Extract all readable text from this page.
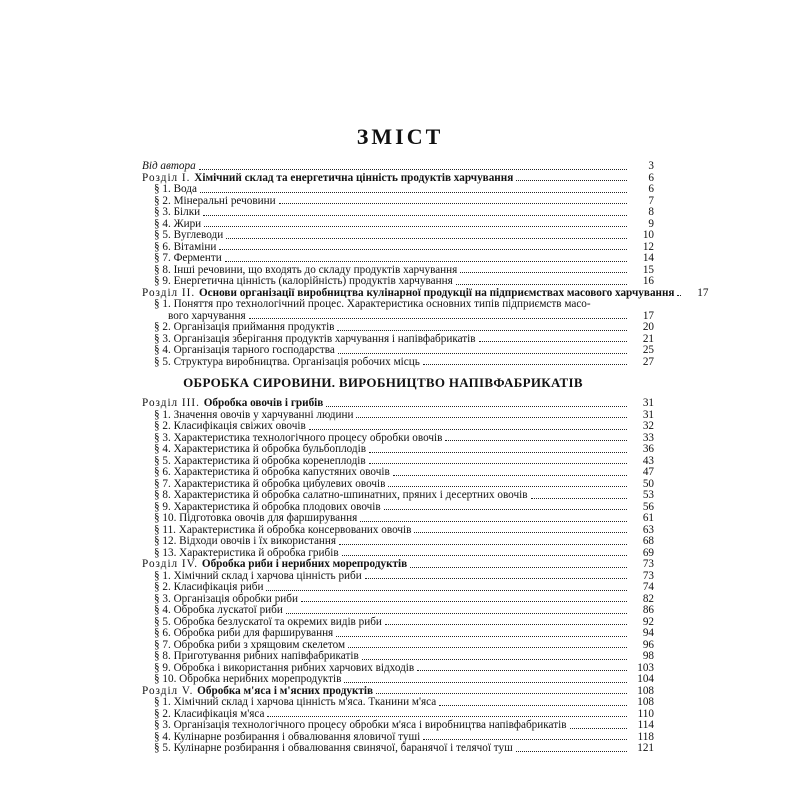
ЗМІСТ
Від автора	3
Розділ I. Хімічний склад та енергетична цінність продуктів харчування	6
§ 1. Вода	6
§ 2. Мінеральні речовини	7
§ 3. Білки	8
§ 4. Жири	9
§ 5. Вуглеводи	10
§ 6. Вітаміни	12
§ 7. Ферменти	14
§ 8. Інші речовини, що входять до складу продуктів харчування	15
§ 9. Енергетична цінність (калорійність) продуктів харчування	16
Розділ II. Основи організації виробництва кулінарної продукції на підприємствах масового харчування	17
§ 1. Поняття про технологічний процес. Характеристика основних типів підприємств масо-
вого харчування	17
§ 2. Організація приймання продуктів	20
§ 3. Організація зберігання продуктів харчування і напівфабрикатів	21
§ 4. Організація тарного господарства	25
§ 5. Структура виробництва. Організація робочих місць	27
ОБРОБКА СИРОВИНИ. ВИРОБНИЦТВО НАПІВФАБРИКАТІВ
Розділ III. Обробка овочів і грибів	31
§ 1. Значення овочів у харчуванні людини	31
§ 2. Класифікація свіжих овочів	32
§ 3. Характеристика технологічного процесу обробки овочів	33
§ 4. Характеристика й обробка бульбоплодів	36
§ 5. Характеристика й обробка коренеплодів	43
§ 6. Характеристика й обробка капустяних овочів	47
§ 7. Характеристика й обробка цибулевих овочів	50
§ 8. Характеристика й обробка салатно-шпинатних, пряних і десертних овочів	53
§ 9. Характеристика й обробка плодових овочів	56
§ 10. Підготовка овочів для фарширування	61
§ 11. Характеристика й обробка консервованих овочів	63
§ 12. Відходи овочів і їх використання	68
§ 13. Характеристика й обробка грибів	69
Розділ IV. Обробка риби і нерибних морепродуктів	73
§ 1. Хімічний склад і харчова цінність риби	73
§ 2. Класифікація риби	74
§ 3. Організація обробки риби	82
§ 4. Обробка лускатої риби	86
§ 5. Обробка безлускатої та окремих видів риби	92
§ 6. Обробка риби для фарширування	94
§ 7. Обробка риби з хрящовим скелетом	96
§ 8. Приготування рибних напівфабрикатів	98
§ 9. Обробка і використання рибних харчових відходів	103
§ 10. Обробка нерибних морепродуктів	104
Розділ V. Обробка м'яса і м'ясних продуктів	108
§ 1. Хімічний склад і харчова цінність м'яса. Тканини м'яса	108
§ 2. Класифікація м'яса	110
§ 3. Організація технологічного процесу обробки м'яса і виробництва напівфабрикатів	114
§ 4. Кулінарне розбирання і обвалювання яловичої туші	118
§ 5. Кулінарне розбирання і обвалювання свинячої, баранячої і телячої туш	121
